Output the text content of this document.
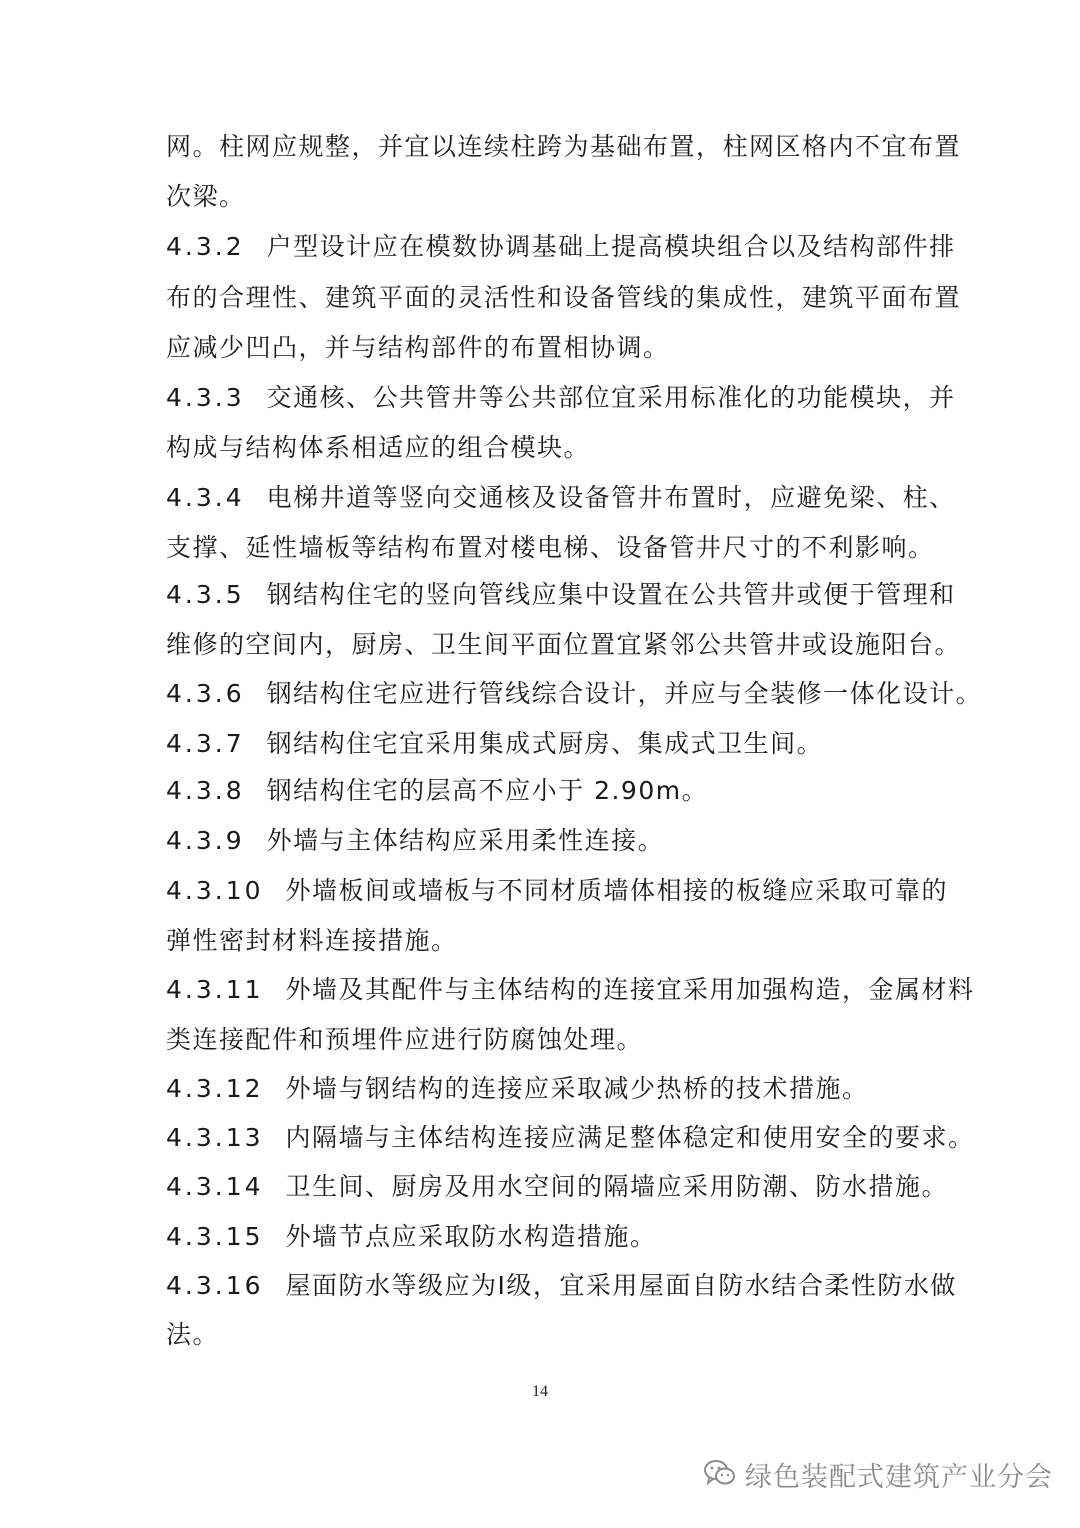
网。柱网应规整，并宜以连续柱跨为基础布置，柱网区格内不宜布置
次梁。
4.3.2 户型设计应在模数协调基础上提高模块组合以及结构部件排
布的合理性、建筑平面的灵活性和设备管线的集成性，建筑平面布置
应减少凹凸，并与结构部件的布置相协调。
4.3.3 交通核、公共管井等公共部位宜采用标准化的功能模块，并
构成与结构体系相适应的组合模块。
4.3.4 电梯井道等竖向交通核及设备管井布置时，应避免梁、柱、
支撑、延性墙板等结构布置对楼电梯、设备管井尺寸的不利影响。
4.3.5 钢结构住宅的竖向管线应集中设置在公共管井或便于管理和
维修的空间内，厨房、卫生间平面位置宜紧邻公共管井或设施阳台。
4.3.6 钢结构住宅应进行管线综合设计，并应与全装修一体化设计。
4.3.7 钢结构住宅宜采用集成式厨房、集成式卫生间。
4.3.8 钢结构住宅的层高不应小于 2.90m。
4.3.9 外墙与主体结构应采用柔性连接。
4.3.10 外墙板间或墙板与不同材质墙体相接的板缝应采取可靠的
弹性密封材料连接措施。
4.3.11 外墙及其配件与主体结构的连接宜采用加强构造，金属材料
类连接配件和预埋件应进行防腐蚀处理。
4.3.12 外墙与钢结构的连接应采取减少热桥的技术措施。
4.3.13 内隔墙与主体结构连接应满足整体稳定和使用安全的要求。
4.3.14 卫生间、厨房及用水空间的隔墙应采用防潮、防水措施。
4.3.15 外墙节点应采取防水构造措施。
4.3.16 屋面防水等级应为Ⅰ级，宜采用屋面自防水结合柔性防水做
法。
14
绿色装配式建筑产业分会
